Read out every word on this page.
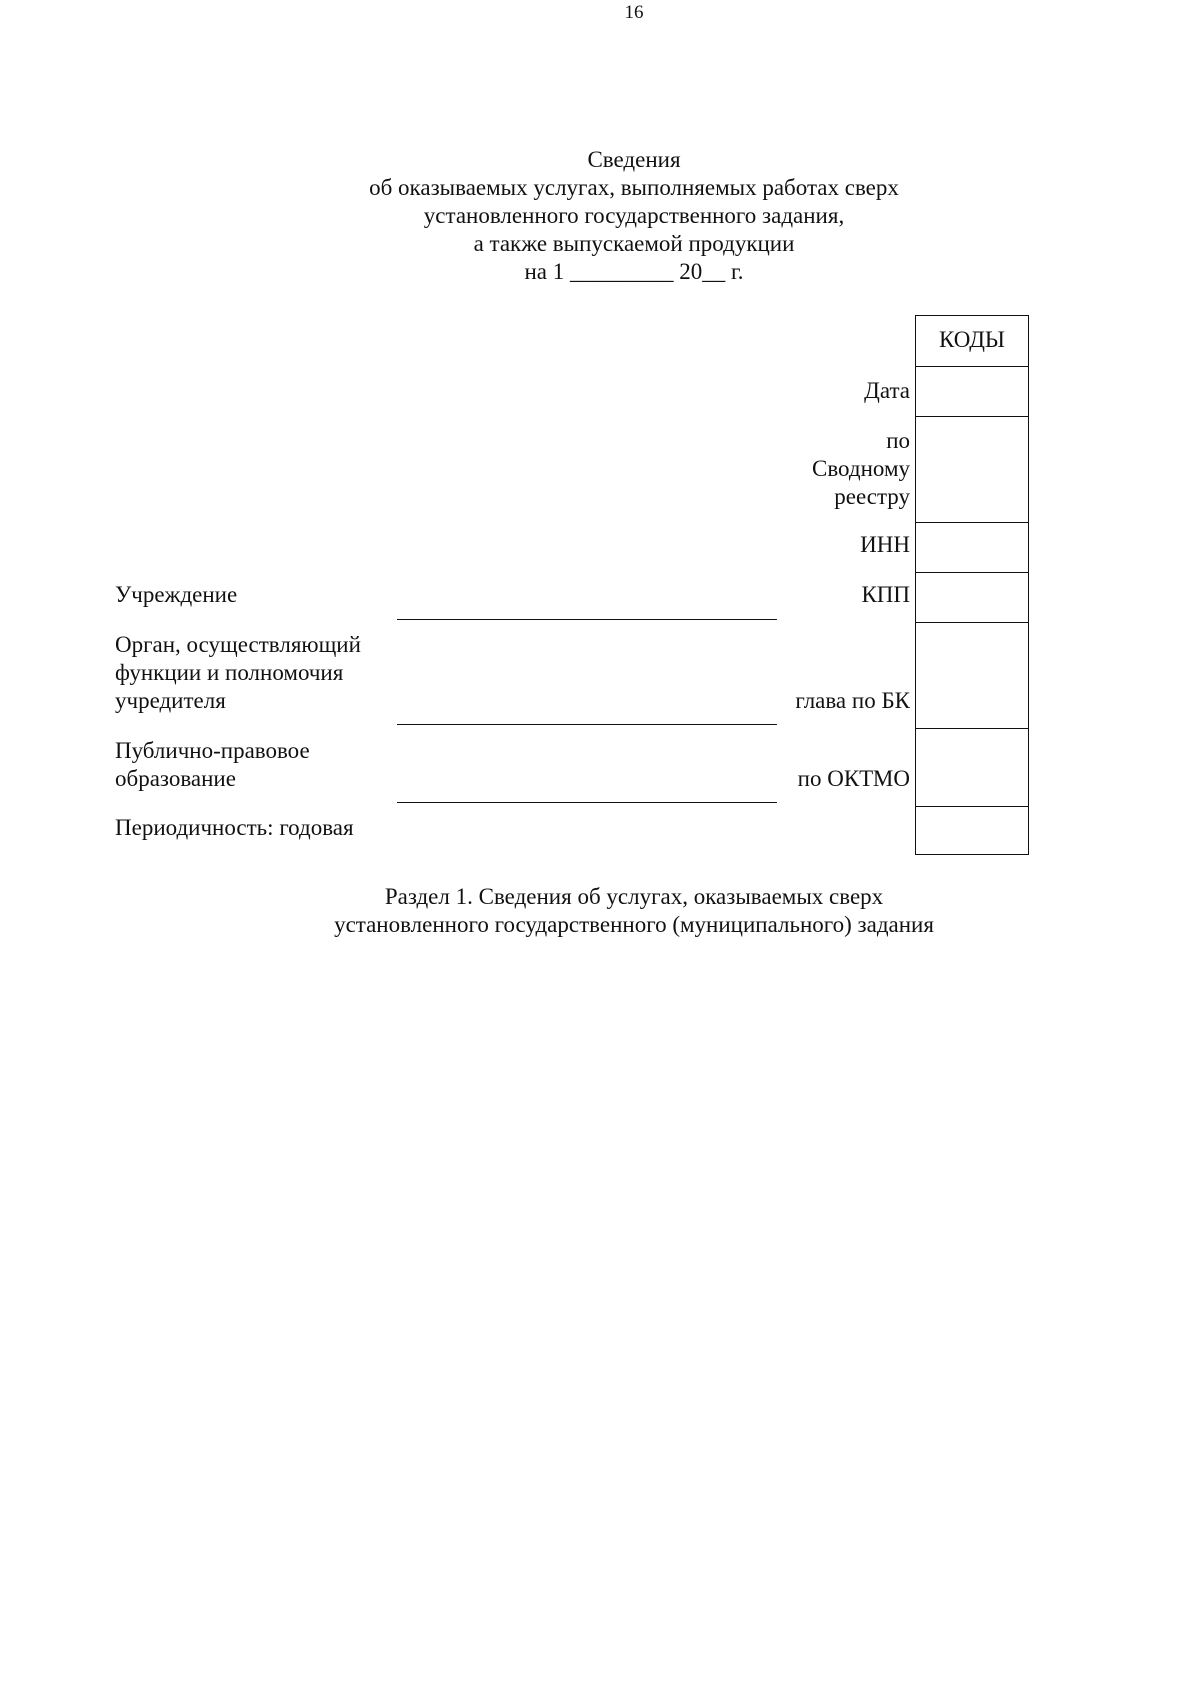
16
Сведения
об оказываемых услугах, выполняемых работах сверх
установленного государственного задания,
а также выпускаемой продукции
на 1 _________ 20__ г.
КОДЫ
Дата
по
Сводному
реестру
ИНН
КПП
глава по БК
по ОКТМО
Учреждение
Орган, осуществляющий
функции и полномочия
учредителя
Публично-правовое
образование
Периодичность: годовая
Раздел 1. Сведения об услугах, оказываемых сверх
установленного государственного (муниципального) задания
